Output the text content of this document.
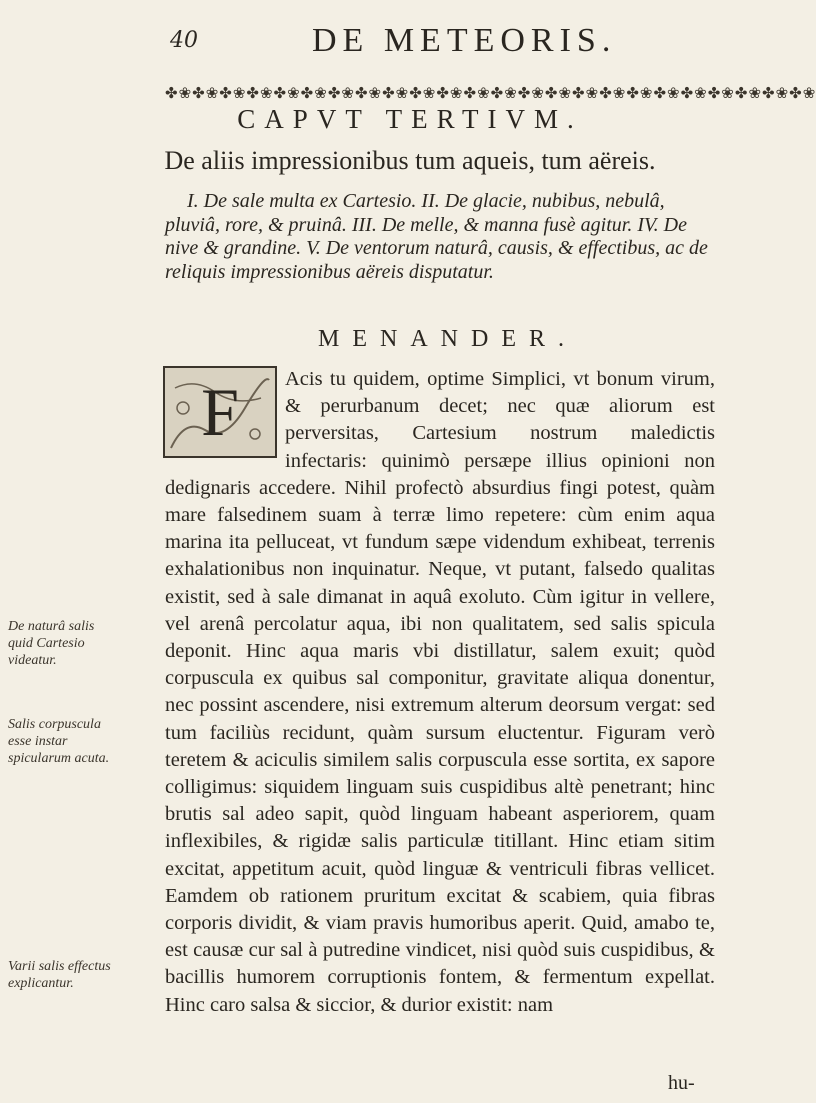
40	DE METEORIS.
✤❀✤❀✤❀✤❀✤❀✤❀✤❀✤❀✤❀✤❀✤❀✤❀✤❀✤❀✤❀✤❀✤❀✤❀✤❀✤❀✤❀✤❀✤❀✤❀
CAPVT TERTIVM.
De aliis impressionibus tum aqueis, tum aëreis.
I. De sale multa ex Cartesio. II. De glacie, nubibus, nebulâ, pluviâ, rore, & pruinâ. III. De melle, & manna fusè agitur. IV. De nive & grandine. V. De ventorum naturâ, causis, & effectibus, ac de reliquis impressionibus aëreis disputatur.
MENANDER.
F	Acis tu quidem, optime Simplici, vt bonum virum, & perurbanum decet; nec quæ aliorum est perversitas, Cartesium nostrum maledictis infectaris: quinimò persæpe illius opinioni non dedignaris accedere. Nihil profectò absurdius fingi potest, quàm mare falsedinem suam à terræ limo repetere: cùm enim aqua marina ita pelluceat, vt fundum sæpe videndum exhibeat, terrenis exhalationibus non inquinatur. Neque, vt putant, falsedo qualitas existit, sed à sale dimanat in aquâ exoluto. Cùm igitur in vellere, vel arenâ percolatur aqua, ibi non qualitatem, sed salis spicula deponit. Hinc aqua maris vbi distillatur, salem exuit; quòd corpuscula ex quibus sal componitur, gravitate aliqua donentur, nec possint ascendere, nisi extremum alterum deorsum vergat: sed tum faciliùs recidunt, quàm sursum eluctentur. Figuram verò teretem & aciculis similem salis corpuscula esse sortita, ex sapore colligimus: siquidem linguam suis cuspidibus altè penetrant; hinc brutis sal adeo sapit, quòd linguam habeant asperiorem, quam inflexibiles, & rigidæ salis particulæ titillant. Hinc etiam sitim excitat, appetitum acuit, quòd linguæ & ventriculi fibras vellicet. Eamdem ob rationem pruritum excitat & scabiem, quia fibras corporis dividit, & viam pravis humoribus aperit. Quid, amabo te, est causæ cur sal à putredine vindicet, nisi quòd suis cuspidibus, & bacillis humorem corruptionis fontem, & fermentum expellat. Hinc caro salsa & siccior, & durior existit: nam

De naturâ salis quid Cartesio videatur.
Salis corpuscula esse instar spicularum acuta.
Varii salis effectus explicantur.
hu-
